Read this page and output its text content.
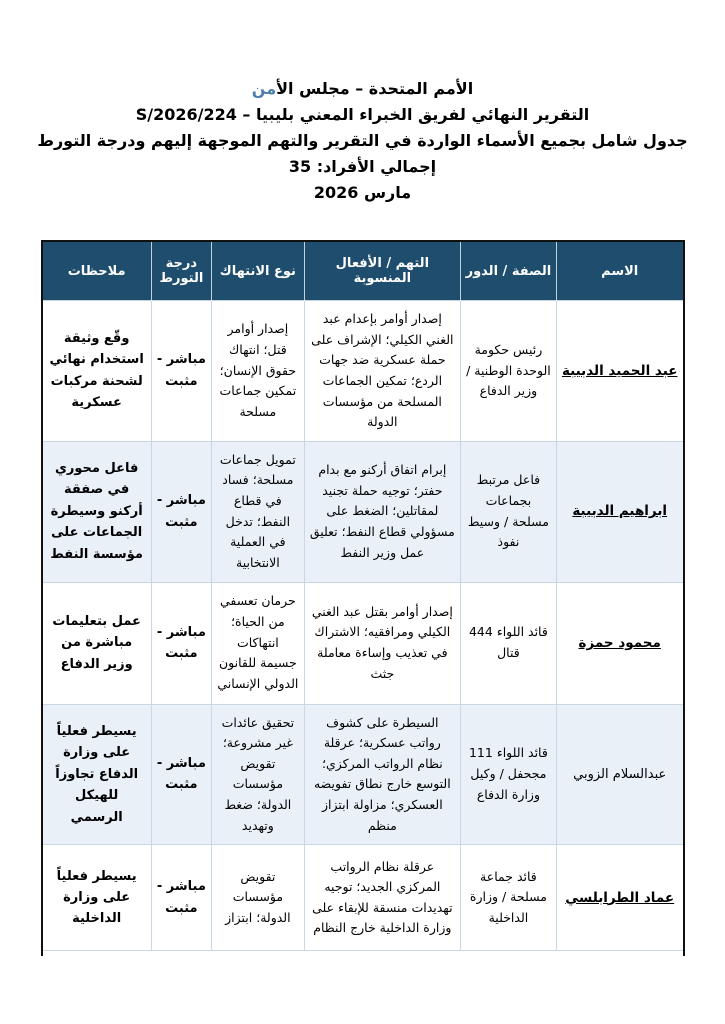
الأمم المتحدة – مجلس الأمن
التقرير النهائي لفريق الخبراء المعني بليبيا – S/2026/224
جدول شامل بجميع الأسماء الواردة في التقرير والتهم الموجهة إليهم ودرجة التورط
إجمالي الأفراد: 35
مارس 2026
الاسم	الصفة / الدور	التهم / الأفعال المنسوبة	نوع الانتهاك	درجة التورط	ملاحظات
عبد الحميد الدبيبة	رئيس حكومة الوحدة الوطنية / وزير الدفاع	إصدار أوامر بإعدام عبد الغني الكيلي؛ الإشراف على حملة عسكرية ضد جهات الردع؛ تمكين الجماعات المسلحة من مؤسسات الدولة	إصدار أوامر قتل؛ انتهاك حقوق الإنسان؛ تمكين جماعات مسلحة	مباشر - مثبت	وقّع وثيقة استخدام نهائي لشحنة مركبات عسكرية
ابراهيم الدبيبة	فاعل مرتبط بجماعات مسلحة / وسيط نفوذ	إبرام اتفاق أركنو مع بدام حفتر؛ توجيه حملة تجنيد لمقاتلين؛ الضغط على مسؤولي قطاع النفط؛ تعليق عمل وزير النفط	تمويل جماعات مسلحة؛ فساد في قطاع النفط؛ تدخل في العملية الانتخابية	مباشر - مثبت	فاعل محوري في صفقة أركنو وسيطرة الجماعات على مؤسسة النفط
محمود حمزة	قائد اللواء 444 قتال	إصدار أوامر بقتل عبد الغني الكيلي ومرافقيه؛ الاشتراك في تعذيب وإساءة معاملة جثث	حرمان تعسفي من الحياة؛ انتهاكات جسيمة للقانون الدولي الإنساني	مباشر - مثبت	عمل بتعليمات مباشرة من وزير الدفاع
عبدالسلام الزوبي	قائد اللواء 111 مجحفل / وكيل وزارة الدفاع	السيطرة على كشوف رواتب عسكرية؛ عرقلة نظام الرواتب المركزي؛ التوسع خارج نطاق تفويضه العسكري؛ مزاولة ابتزاز منظم	تحقيق عائدات غير مشروعة؛ تقويض مؤسسات الدولة؛ ضغط وتهديد	مباشر - مثبت	يسيطر فعلياً على وزارة الدفاع تجاوزاً للهيكل الرسمي
عماد الطرابلسي	قائد جماعة مسلحة / وزارة الداخلية	عرقلة نظام الرواتب المركزي الجديد؛ توجيه تهديدات منسقة للإبقاء على وزارة الداخلية خارج النظام	تقويض مؤسسات الدولة؛ ابتزاز	مباشر - مثبت	يسيطر فعلياً على وزارة الداخلية
